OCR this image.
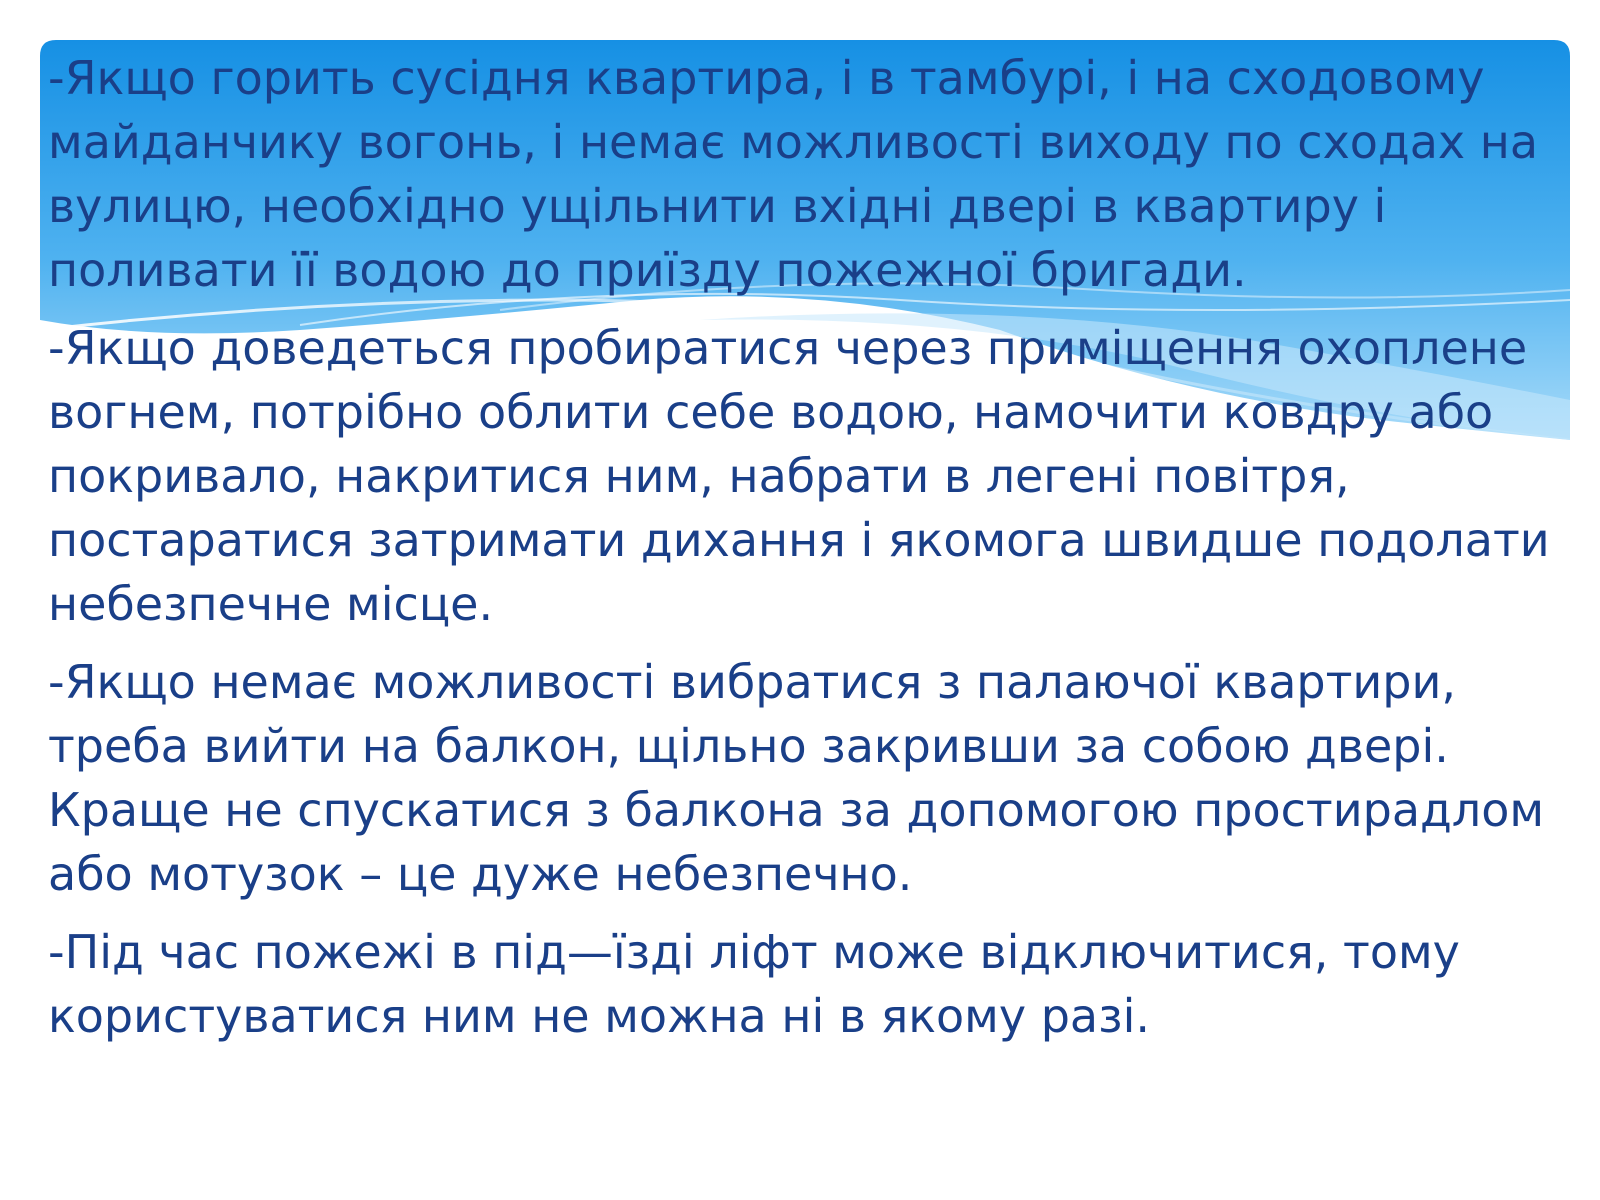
-Якщо горить сусідня квартира, і в тамбурі, і на сходовому майданчику вогонь, і немає можливості виходу по сходах на вулицю, необхідно ущільнити вхідні двері в квартиру і поливати її водою до приїзду пожежної бригади.

-Якщо доведеться пробиратися через приміщення охоплене вогнем, потрібно облити себе водою, намочити ковдру або покривало, накритися ним, набрати в легені повітря, постаратися затримати дихання і якомога швидше подолати небезпечне місце.

-Якщо немає можливості вибратися з палаючої квартири, треба вийти на балкон, щільно закривши за собою двері. Краще не спускатися з балкона за допомогою простирадлом або мотузок – це дуже небезпечно.

-Під час пожежі в під—їзді ліфт може відключитися, тому користуватися ним не можна ні в якому разі.
